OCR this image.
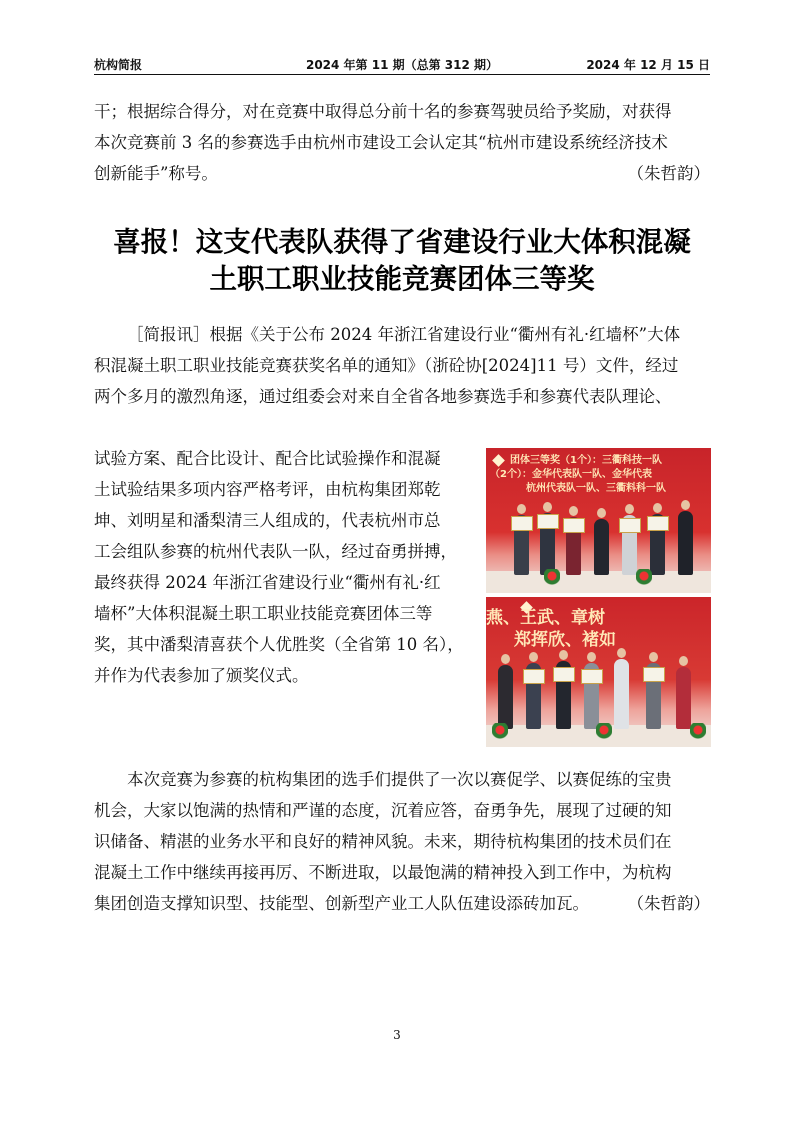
杭构简报	2024 年第 11 期（总第 312 期）	2024 年 12 月 15 日
干；根据综合得分，对在竞赛中取得总分前十名的参赛驾驶员给予奖励，对获得
本次竞赛前 3 名的参赛选手由杭州市建设工会认定其“杭州市建设系统经济技术
创新能手”称号。	（朱哲韵）
喜报！这支代表队获得了省建设行业大体积混凝
土职工职业技能竞赛团体三等奖
［简报讯］根据《关于公布 2024 年浙江省建设行业“衢州有礼·红墙杯”大体
积混凝土职工职业技能竞赛获奖名单的通知》（浙砼协[2024]11 号）文件，经过
两个多月的激烈角逐，通过组委会对来自全省各地参赛选手和参赛代表队理论、
试验方案、配合比设计、配合比试验操作和混凝
土试验结果多项内容严格考评，由杭构集团郑乾
坤、刘明星和潘梨清三人组成的，代表杭州市总
工会组队参赛的杭州代表队一队，经过奋勇拼搏，
最终获得 2024 年浙江省建设行业“衢州有礼·红
墙杯”大体积混凝土职工职业技能竞赛团体三等
奖，其中潘梨清喜获个人优胜奖（全省第 10 名），
并作为代表参加了颁奖仪式。
团体三等奖（1个）：三衢科技一队
（2个）：金华代表队一队、金华代表
杭州代表队一队、三衢料科一队
燕、王武、章树
郑挥欣、褚如
本次竞赛为参赛的杭构集团的选手们提供了一次以赛促学、以赛促练的宝贵
机会，大家以饱满的热情和严谨的态度，沉着应答，奋勇争先，展现了过硬的知
识储备、精湛的业务水平和良好的精神风貌。未来，期待杭构集团的技术员们在
混凝土工作中继续再接再厉、不断进取，以最饱满的精神投入到工作中，为杭构
集团创造支撑知识型、技能型、创新型产业工人队伍建设添砖加瓦。 （朱哲韵）
3
